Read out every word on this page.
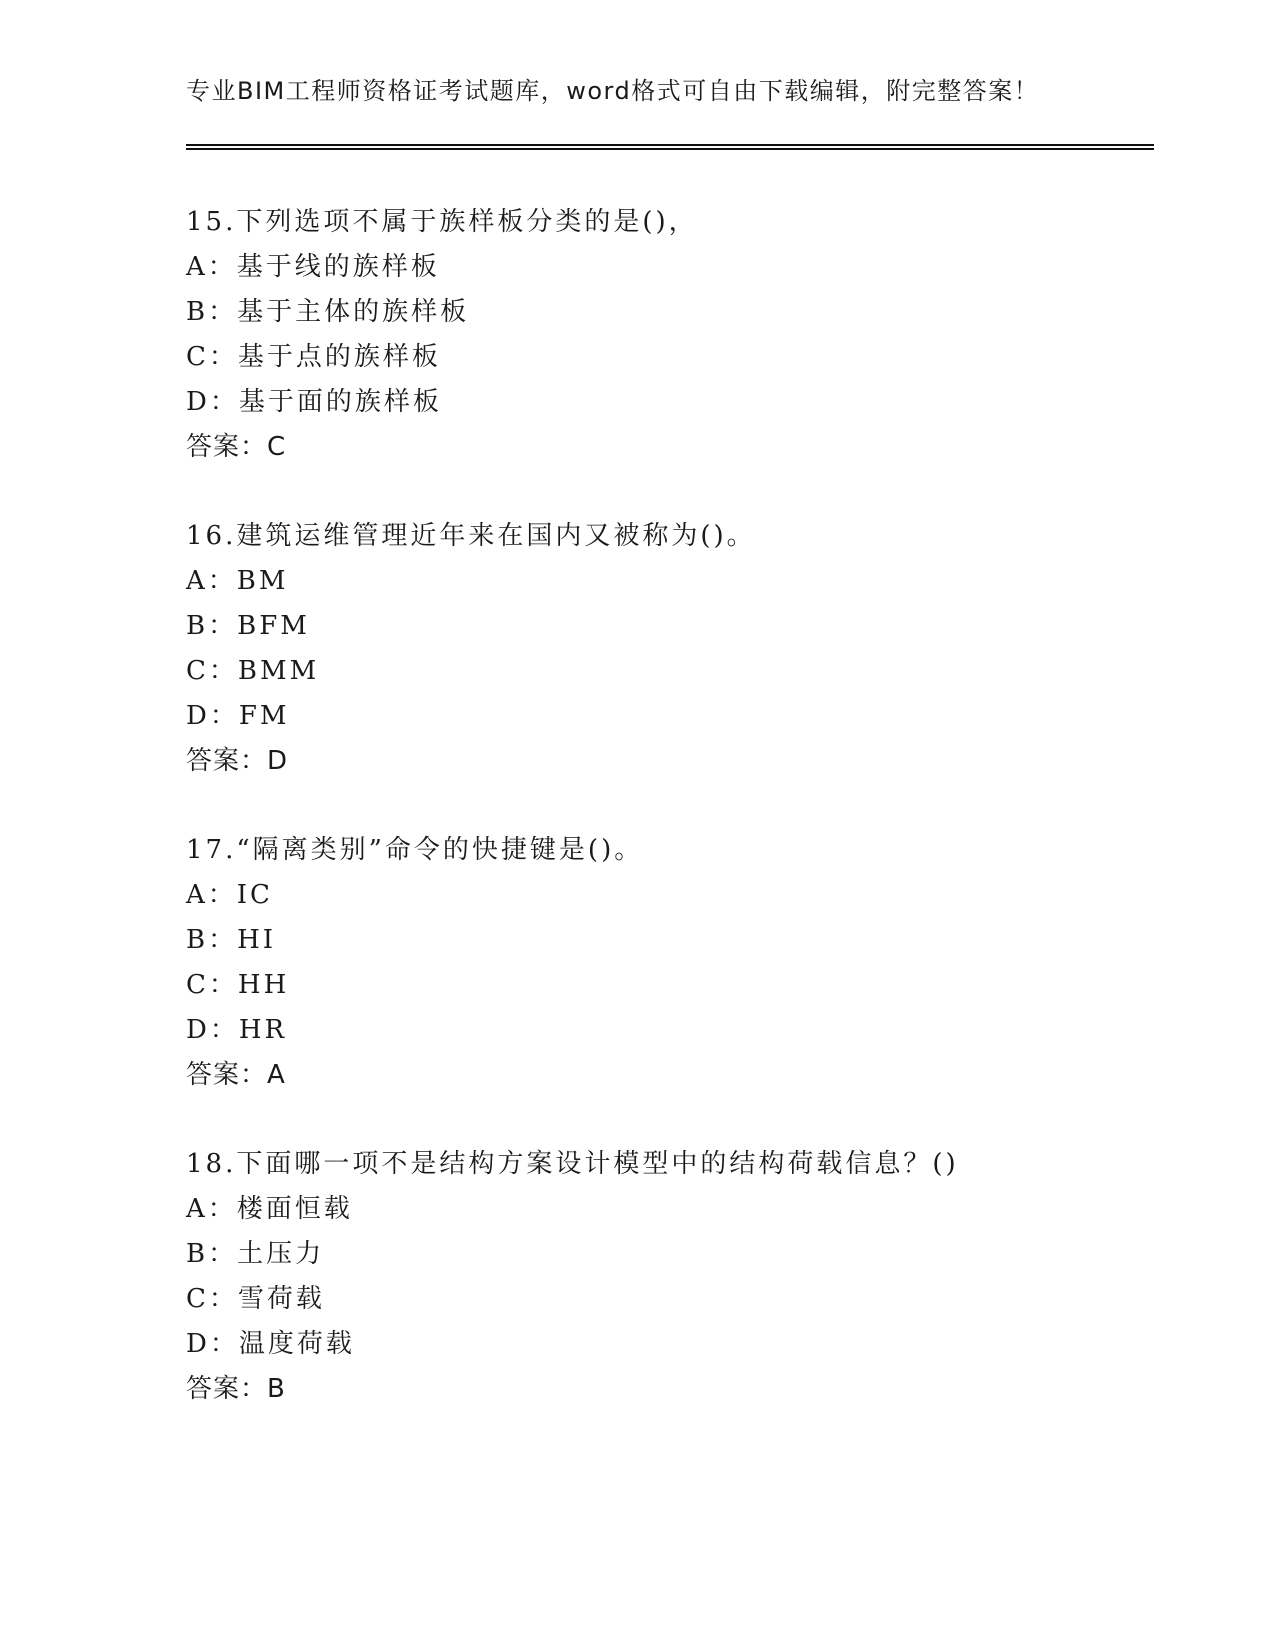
专业BIM工程师资格证考试题库，word格式可自由下载编辑，附完整答案！
15.下列选项不属于族样板分类的是()，
A：基于线的族样板
B：基于主体的族样板
C：基于点的族样板
D：基于面的族样板
答案：C
16.建筑运维管理近年来在国内又被称为()。
A：BM
B：BFM
C：BMM
D：FM
答案：D
17.“隔离类别”命令的快捷键是()。
A：IC
B：HI
C：HH
D：HR
答案：A
18.下面哪一项不是结构方案设计模型中的结构荷载信息？()
A：楼面恒载
B：土压力
C：雪荷载
D：温度荷载
答案：B
